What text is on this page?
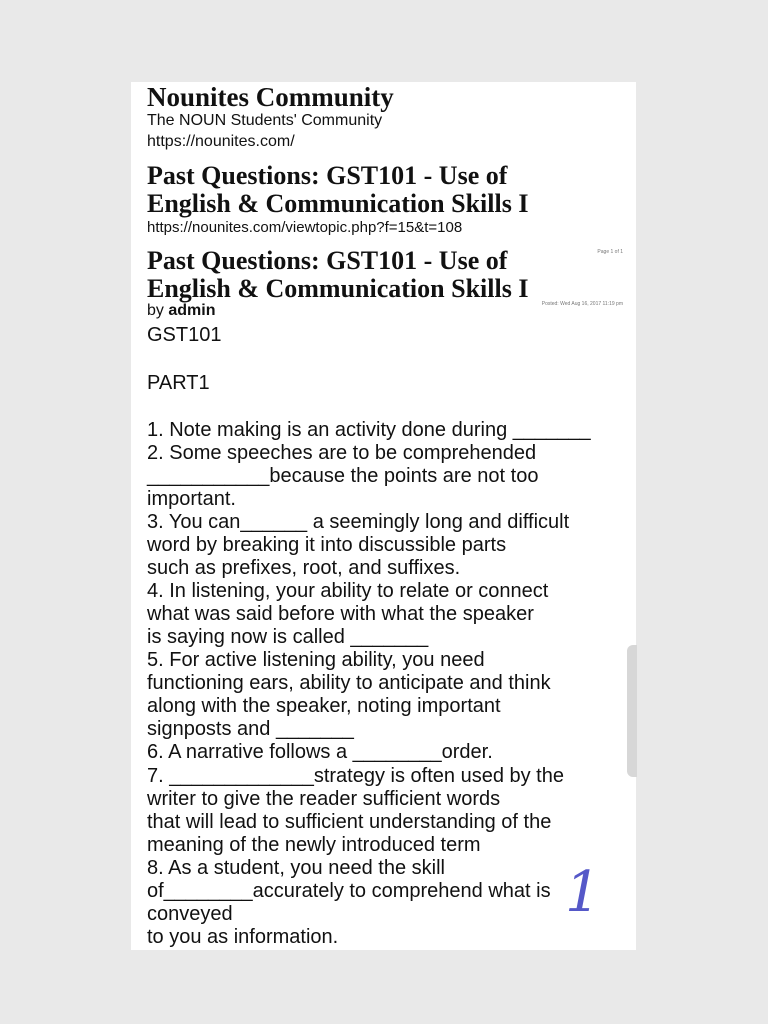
Nounites Community
The NOUN Students' Community
https://nounites.com/
Past Questions: GST101 - Use of
English & Communication Skills I
https://nounites.com/viewtopic.php?f=15&t=108
Page 1 of 1
Past Questions: GST101 - Use of
English & Communication Skills I
Posted: Wed Aug 16, 2017 11:19 pm
by admin
GST101
PART1
1. Note making is an activity done during _______
2. Some speeches are to be comprehended
___________because the points are not too
important.
3. You can______ a seemingly long and difficult
word by breaking it into discussible parts
such as prefixes, root, and suffixes.
4. In listening, your ability to relate or connect
what was said before with what the speaker
is saying now is called _______
5. For active listening ability, you need
functioning ears, ability to anticipate and think
along with the speaker, noting important
signposts and _______
6. A narrative follows a ________order.
7. _____________strategy is often used by the
writer to give the reader sufficient words
that will lead to sufficient understanding of the
meaning of the newly introduced term
8. As a student, you need the skill
of________accurately to comprehend what is
conveyed
to you as information.
1
